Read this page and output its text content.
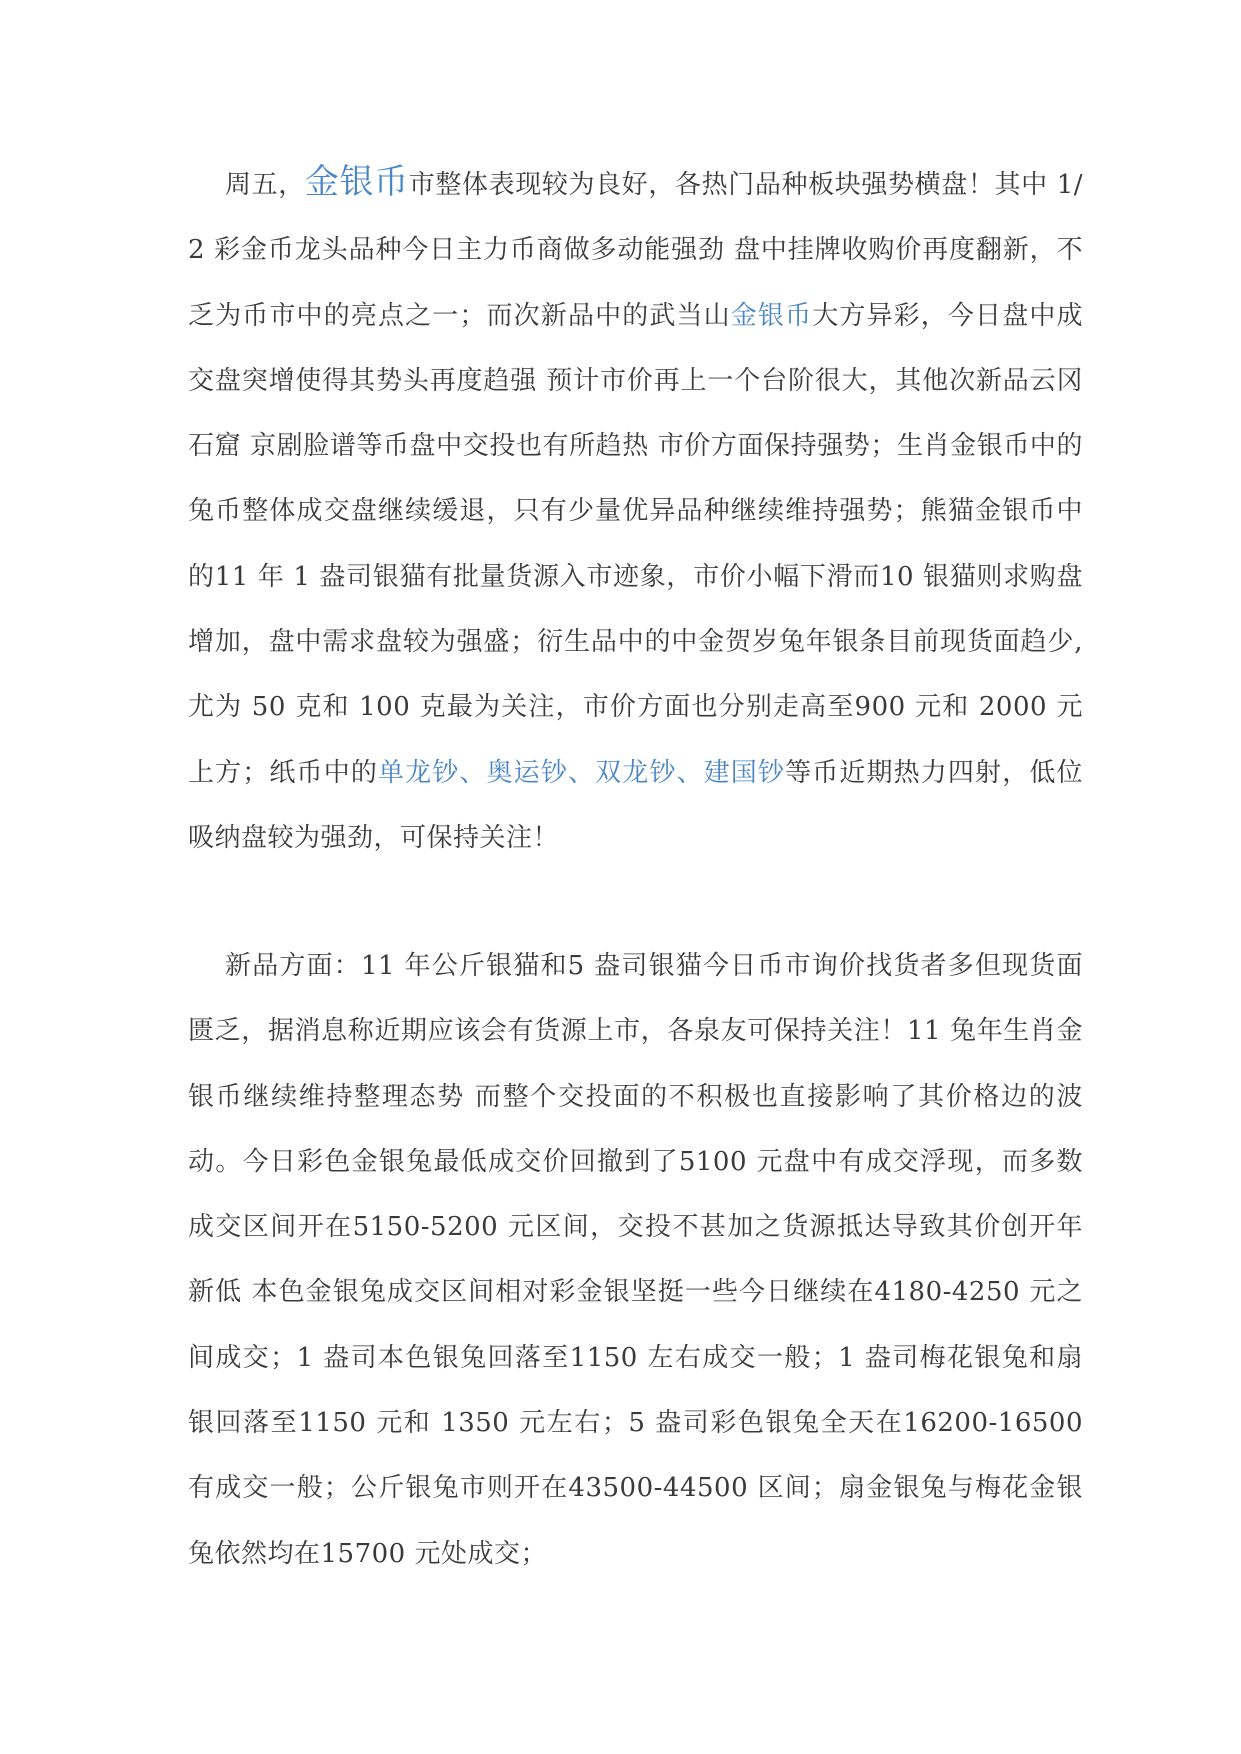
周五，金银币市整体表现较为良好，各热门品种板块强势横盘！其中 1/2 彩金币龙头品种今日主力币商做多动能强劲 盘中挂牌收购价再度翻新，不乏为币市中的亮点之一；而次新品中的武当山金银币大方异彩，今日盘中成交盘突增使得其势头再度趋强 预计市价再上一个台阶很大，其他次新品云冈石窟 京剧脸谱等币盘中交投也有所趋热 市价方面保持强势；生肖金银币中的兔币整体成交盘继续缓退，只有少量优异品种继续维持强势；熊猫金银币中的11 年 1 盎司银猫有批量货源入市迹象，市价小幅下滑而10 银猫则求购盘增加，盘中需求盘较为强盛；衍生品中的中金贺岁兔年银条目前现货面趋少,尤为 50 克和 100 克最为关注，市价方面也分别走高至900 元和 2000 元上方；纸币中的单龙钞、奥运钞、双龙钞、建国钞等币近期热力四射，低位吸纳盘较为强劲，可保持关注！

新品方面：11 年公斤银猫和5 盎司银猫今日币市询价找货者多但现货面匮乏，据消息称近期应该会有货源上市，各泉友可保持关注！11 兔年生肖金银币继续维持整理态势 而整个交投面的不积极也直接影响了其价格边的波动。今日彩色金银兔最低成交价回撤到了5100 元盘中有成交浮现，而多数成交区间开在5150-5200 元区间，交投不甚加之货源抵达导致其价创开年新低 本色金银兔成交区间相对彩金银坚挺一些今日继续在4180-4250 元之间成交；1 盎司本色银兔回落至1150 左右成交一般；1 盎司梅花银兔和扇银回落至1150 元和 1350 元左右；5 盎司彩色银兔全天在16200-16500 有成交一般；公斤银兔市则开在43500-44500 区间；扇金银兔与梅花金银兔依然均在15700 元处成交；
